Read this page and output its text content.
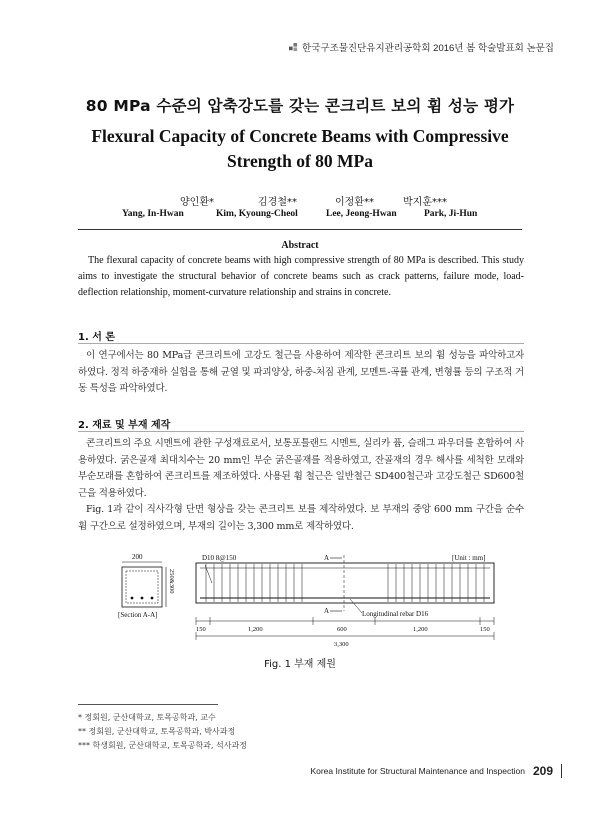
한국구조물진단유지관리공학회 2016년 봄 학술발표회 논문집
80 MPa 수준의 압축강도를 갖는 콘크리트 보의 휨 성능 평가
Flexural Capacity of Concrete Beams with Compressive Strength of 80 MPa
양인환*	김경철**	이정환**	박지훈***
Yang, In-Hwan	Kim, Kyoung-Cheol	Lee, Jeong-Hwan	Park, Ji-Hun
Abstract
The flexural capacity of concrete beams with high compressive strength of 80 MPa is described. This study aims to investigate the structural behavior of concrete beams such as crack patterns, failure mode, load-deflection relationship, moment-curvature relationship and strains in concrete.
1. 서 론
이 연구에서는 80 MPa급 콘크리트에 고강도 철근을 사용하여 제작한 콘크리트 보의 휨 성능을 파악하고자 하였다. 정적 하중재하 실험을 통해 균열 및 파괴양상, 하중-처짐 관계, 모멘트-곡률 관계, 변형률 등의 구조적 거동 특성을 파악하였다.
2. 재료 및 부재 제작
콘크리트의 주요 시멘트에 관한 구성재료로서, 보통포틀랜드 시멘트, 실리카 퓸, 슬래그 파우더를 혼합하여 사용하였다. 굵은골재 최대치수는 20 mm인 부순 굵은골재를 적용하였고, 잔골재의 경우 해사를 세척한 모래와 부순모래를 혼합하여 콘크리트를 제조하였다. 사용된 휨 철근은 일반철근 SD400철근과 고강도철근 SD600철근을 적용하였다.
Fig. 1과 같이 직사각형 단면 형상을 갖는 콘크리트 보를 제작하였다. 보 부재의 중앙 600 mm 구간을 순수휨 구간으로 설정하였으며, 부재의 길이는 3,300 mm로 제작하였다.
200
250&300
[Section A-A]
D10 8@150	A	[Unit : mm]
A	Longitudinal rebar D16
150	1,200	600	1,200	150
3,300
Fig. 1 부재 제원
* 정회원, 군산대학교, 토목공학과, 교수
** 정회원, 군산대학교, 토목공학과, 박사과정
*** 학생회원, 군산대학교, 토목공학과, 석사과정
Korea Institute for Structural Maintenance and Inspection 209
